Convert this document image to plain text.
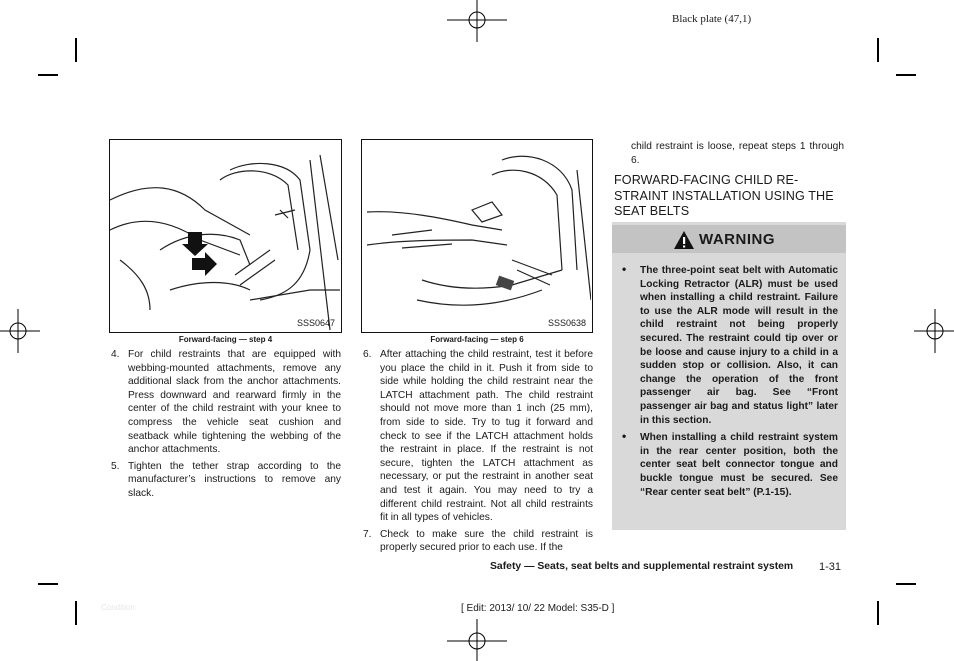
Black plate (47,1)
SSS0647
Forward-facing — step 4
SSS0638
Forward-facing — step 6
4. For child restraints that are equipped with webbing-mounted attachments, remove any additional slack from the anchor attachments. Press downward and rearward firmly in the center of the child restraint with your knee to compress the vehicle seat cushion and seatback while tightening the webbing of the anchor attachments.
5. Tighten the tether strap according to the manufacturer’s instructions to remove any slack.
6. After attaching the child restraint, test it before you place the child in it. Push it from side to side while holding the child restraint near the LATCH attachment path. The child restraint should not move more than 1 inch (25 mm), from side to side. Try to tug it forward and check to see if the LATCH attachment holds the restraint in place. If the restraint is not secure, tighten the LATCH attachment as necessary, or put the restraint in another seat and test it again. You may need to try a different child restraint. Not all child restraints fit in all types of vehicles.
7. Check to make sure the child restraint is properly secured prior to each use. If the
child restraint is loose, repeat steps 1 through 6.
FORWARD-FACING CHILD RE-STRAINT INSTALLATION USING THE SEAT BELTS
WARNING
• The three-point seat belt with Automatic Locking Retractor (ALR) must be used when installing a child restraint. Failure to use the ALR mode will result in the child restraint not being properly secured. The restraint could tip over or be loose and cause injury to a child in a sudden stop or collision. Also, it can change the operation of the front passenger air bag. See “Front passenger air bag and status light” later in this section.
• When installing a child restraint system in the rear center position, both the center seat belt connector tongue and buckle tongue must be secured. See “Rear center seat belt” (P.1-15).
Safety — Seats, seat belts and supplemental restraint system 1-31
Condition:	[ Edit: 2013/ 10/ 22 Model: S35-D ]
